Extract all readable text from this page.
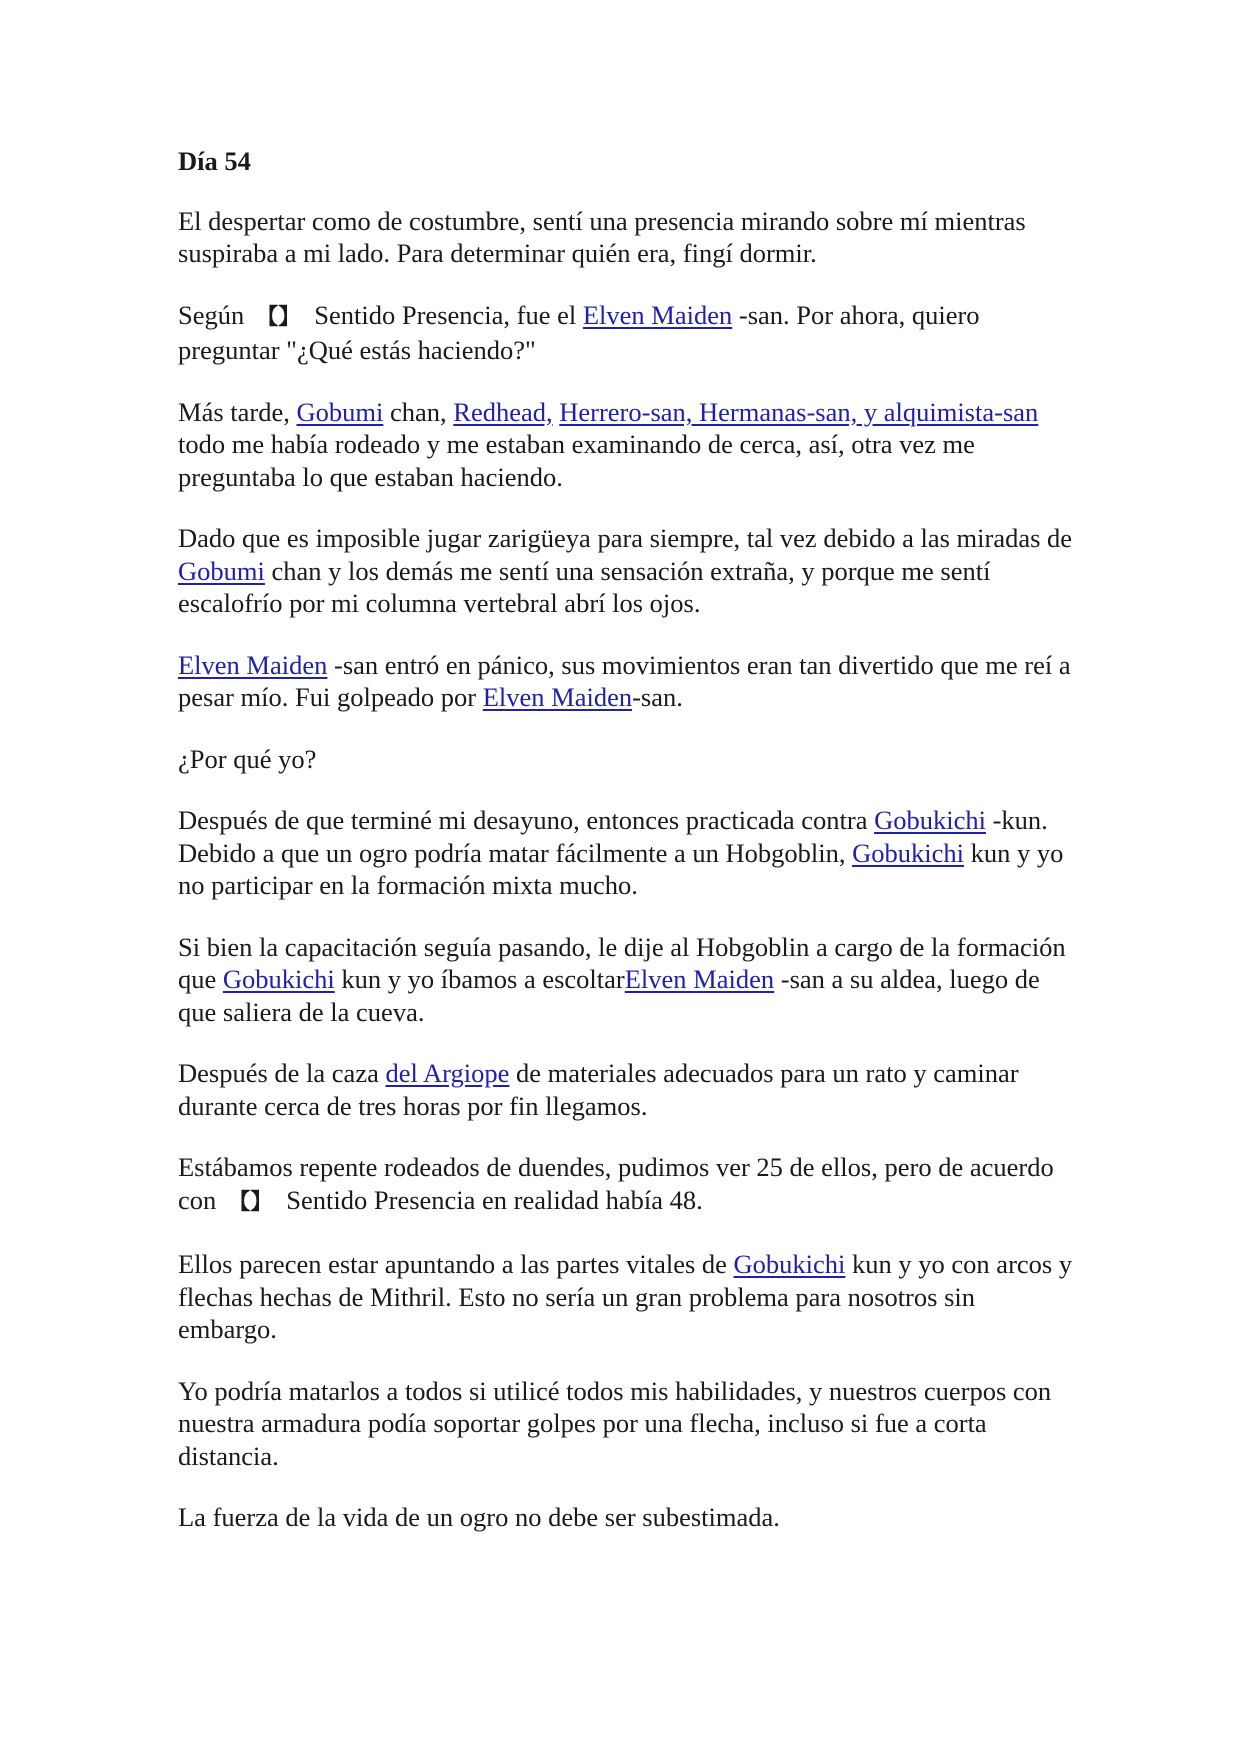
Día 54
El despertar como de costumbre, sentí una presencia mirando sobre mí mientras suspiraba a mi lado. Para determinar quién era, fingí dormir.
Según 【】 Sentido Presencia, fue el Elven Maiden -san. Por ahora, quiero preguntar "¿Qué estás haciendo?"
Más tarde, Gobumi chan, Redhead, Herrero-san, Hermanas-san, y alquimista-san todo me había rodeado y me estaban examinando de cerca, así, otra vez me preguntaba lo que estaban haciendo.
Dado que es imposible jugar zarigüeya para siempre, tal vez debido a las miradas de Gobumi chan y los demás me sentí una sensación extraña, y porque me sentí escalofrío por mi columna vertebral abrí los ojos.
Elven Maiden -san entró en pánico, sus movimientos eran tan divertido que me reí a pesar mío. Fui golpeado por Elven Maiden-san.
¿Por qué yo?
Después de que terminé mi desayuno, entonces practicada contra Gobukichi -kun. Debido a que un ogro podría matar fácilmente a un Hobgoblin, Gobukichi kun y yo no participar en la formación mixta mucho.
Si bien la capacitación seguía pasando, le dije al Hobgoblin a cargo de la formación que Gobukichi kun y yo íbamos a escoltarElven Maiden -san a su aldea, luego de que saliera de la cueva.
Después de la caza del Argiope de materiales adecuados para un rato y caminar durante cerca de tres horas por fin llegamos.
Estábamos repente rodeados de duendes, pudimos ver 25 de ellos, pero de acuerdo con 【】 Sentido Presencia en realidad había 48.
Ellos parecen estar apuntando a las partes vitales de Gobukichi kun y yo con arcos y flechas hechas de Mithril. Esto no sería un gran problema para nosotros sin embargo.
Yo podría matarlos a todos si utilicé todos mis habilidades, y nuestros cuerpos con nuestra armadura podía soportar golpes por una flecha, incluso si fue a corta distancia.
La fuerza de la vida de un ogro no debe ser subestimada.
